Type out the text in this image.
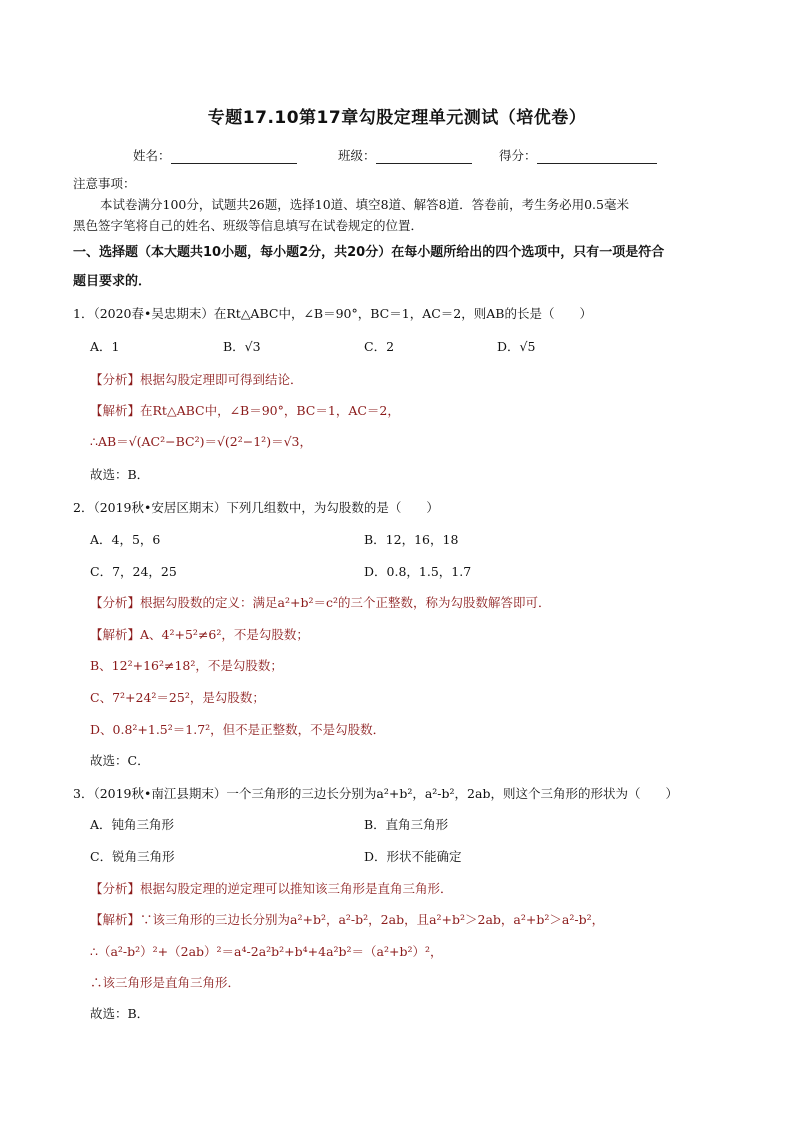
专题17.10第17章勾股定理单元测试（培优卷）
姓名：	班级：	得分：
注意事项：
本试卷满分100分，试题共26题，选择10道、填空8道、解答8道．答卷前，考生务必用0.5毫米
黑色签字笔将自己的姓名、班级等信息填写在试卷规定的位置．
一、选择题（本大题共10小题，每小题2分，共20分）在每小题所给出的四个选项中，只有一项是符合
题目要求的．
1．（2020春•吴忠期末）在Rt△ABC中，∠B＝90°，BC＝1，AC＝2，则AB的长是（　　）
A．1	B．√3	C．2	D．√5
【分析】根据勾股定理即可得到结论．
【解析】在Rt△ABC中，∠B＝90°，BC＝1，AC＝2，
∴AB＝√(AC²−BC²)＝√(2²−1²)＝√3，
故选：B．
2．（2019秋•安居区期末）下列几组数中，为勾股数的是（　　）
A．4，5，6	B．12，16，18
C．7，24，25	D．0.8，1.5，1.7
【分析】根据勾股数的定义：满足a²+b²＝c²的三个正整数，称为勾股数解答即可．
【解析】A、4²+5²≠6²，不是勾股数；
B、12²+16²≠18²，不是勾股数；
C、7²+24²＝25²，是勾股数；
D、0.8²+1.5²＝1.7²，但不是正整数，不是勾股数．
故选：C．
3．（2019秋•南江县期末）一个三角形的三边长分别为a²+b²，a²-b²，2ab，则这个三角形的形状为（　　）
A．钝角三角形	B．直角三角形
C．锐角三角形	D．形状不能确定
【分析】根据勾股定理的逆定理可以推知该三角形是直角三角形．
【解析】∵该三角形的三边长分别为a²+b²，a²-b²，2ab，且a²+b²＞2ab，a²+b²＞a²-b²，
∴（a²-b²）²+（2ab）²＝a⁴-2a²b²+b⁴+4a²b²＝（a²+b²）²，
∴该三角形是直角三角形．
故选：B．
